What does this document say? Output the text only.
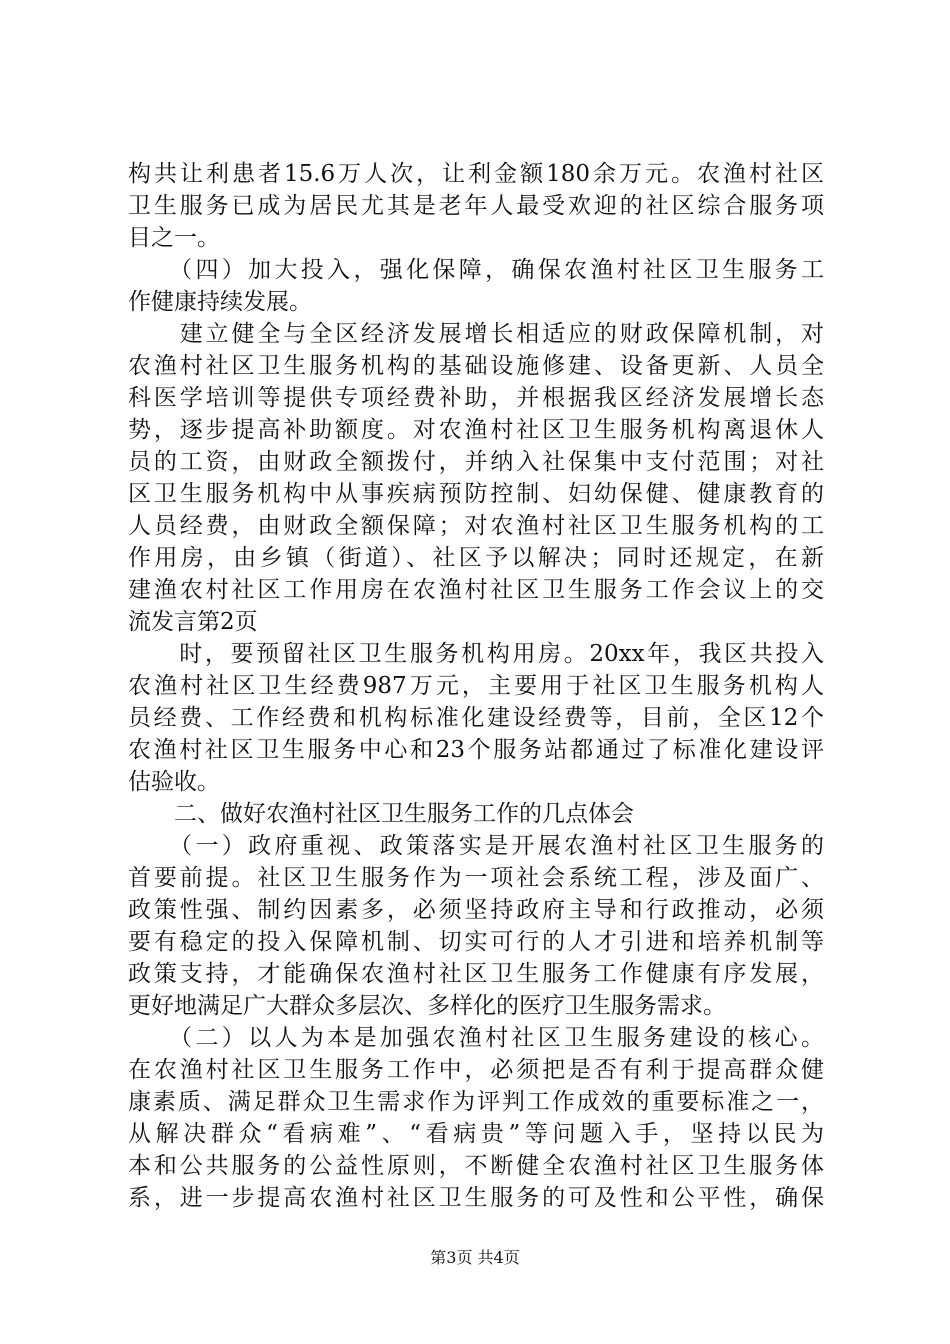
构共让利患者15.6万人次，让利金额180余万元。农渔村社区
卫生服务已成为居民尤其是老年人最受欢迎的社区综合服务项
目之一。
　　（四）加大投入，强化保障，确保农渔村社区卫生服务工
作健康持续发展。
　　建立健全与全区经济发展增长相适应的财政保障机制，对
农渔村社区卫生服务机构的基础设施修建、设备更新、人员全
科医学培训等提供专项经费补助，并根据我区经济发展增长态
势，逐步提高补助额度。对农渔村社区卫生服务机构离退休人
员的工资，由财政全额拨付，并纳入社保集中支付范围；对社
区卫生服务机构中从事疾病预防控制、妇幼保健、健康教育的
人员经费，由财政全额保障；对农渔村社区卫生服务机构的工
作用房，由乡镇（街道）、社区予以解决；同时还规定，在新
建渔农村社区工作用房在农渔村社区卫生服务工作会议上的交
流发言第2页
　　时，要预留社区卫生服务机构用房。20xx年，我区共投入
农渔村社区卫生经费987万元，主要用于社区卫生服务机构人
员经费、工作经费和机构标准化建设经费等，目前，全区12个
农渔村社区卫生服务中心和23个服务站都通过了标准化建设评
估验收。
　　二、做好农渔村社区卫生服务工作的几点体会
　　（一）政府重视、政策落实是开展农渔村社区卫生服务的
首要前提。社区卫生服务作为一项社会系统工程，涉及面广、
政策性强、制约因素多，必须坚持政府主导和行政推动，必须
要有稳定的投入保障机制、切实可行的人才引进和培养机制等
政策支持，才能确保农渔村社区卫生服务工作健康有序发展，
更好地满足广大群众多层次、多样化的医疗卫生服务需求。
　　（二）以人为本是加强农渔村社区卫生服务建设的核心。
在农渔村社区卫生服务工作中，必须把是否有利于提高群众健
康素质、满足群众卫生需求作为评判工作成效的重要标准之一，
从解决群众“看病难”、“看病贵”等问题入手，坚持以民为
本和公共服务的公益性原则，不断健全农渔村社区卫生服务体
系，进一步提高农渔村社区卫生服务的可及性和公平性，确保
第3页 共4页
